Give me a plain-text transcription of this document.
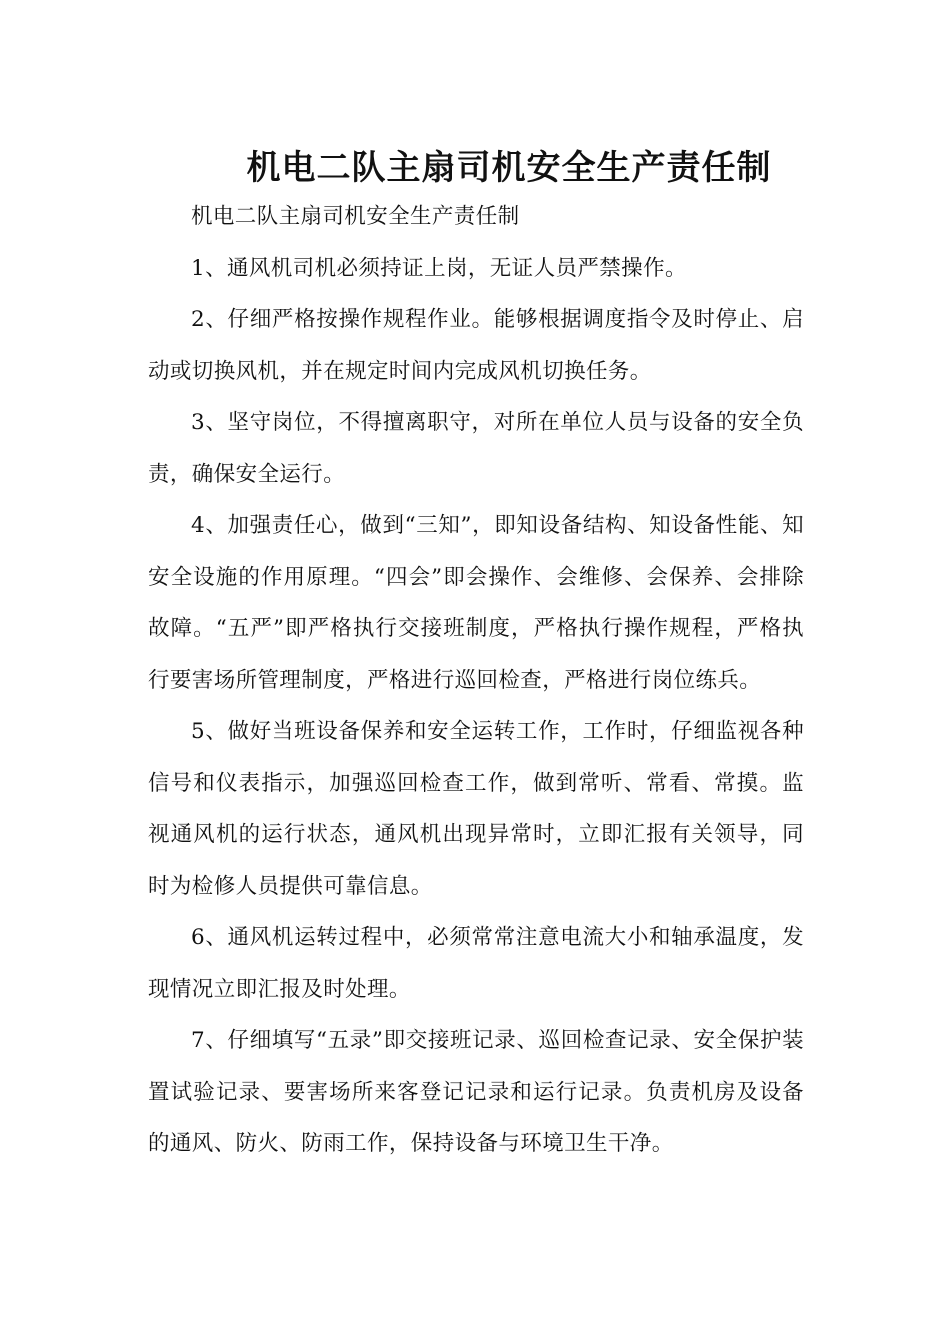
机电二队主扇司机安全生产责任制

机电二队主扇司机安全生产责任制

1、通风机司机必须持证上岗，无证人员严禁操作。

2、仔细严格按操作规程作业。能够根据调度指令及时停止、启动或切换风机，并在规定时间内完成风机切换任务。

3、坚守岗位，不得擅离职守，对所在单位人员与设备的安全负责，确保安全运行。

4、加强责任心，做到“三知”，即知设备结构、知设备性能、知安全设施的作用原理。“四会”即会操作、会维修、会保养、会排除故障。“五严”即严格执行交接班制度，严格执行操作规程，严格执行要害场所管理制度，严格进行巡回检查，严格进行岗位练兵。

5、做好当班设备保养和安全运转工作，工作时，仔细监视各种信号和仪表指示，加强巡回检查工作，做到常听、常看、常摸。监视通风机的运行状态，通风机出现异常时，立即汇报有关领导，同时为检修人员提供可靠信息。

6、通风机运转过程中，必须常常注意电流大小和轴承温度，发现情况立即汇报及时处理。

7、仔细填写“五录”即交接班记录、巡回检查记录、安全保护装置试验记录、要害场所来客登记记录和运行记录。负责机房及设备的通风、防火、防雨工作，保持设备与环境卫生干净。
